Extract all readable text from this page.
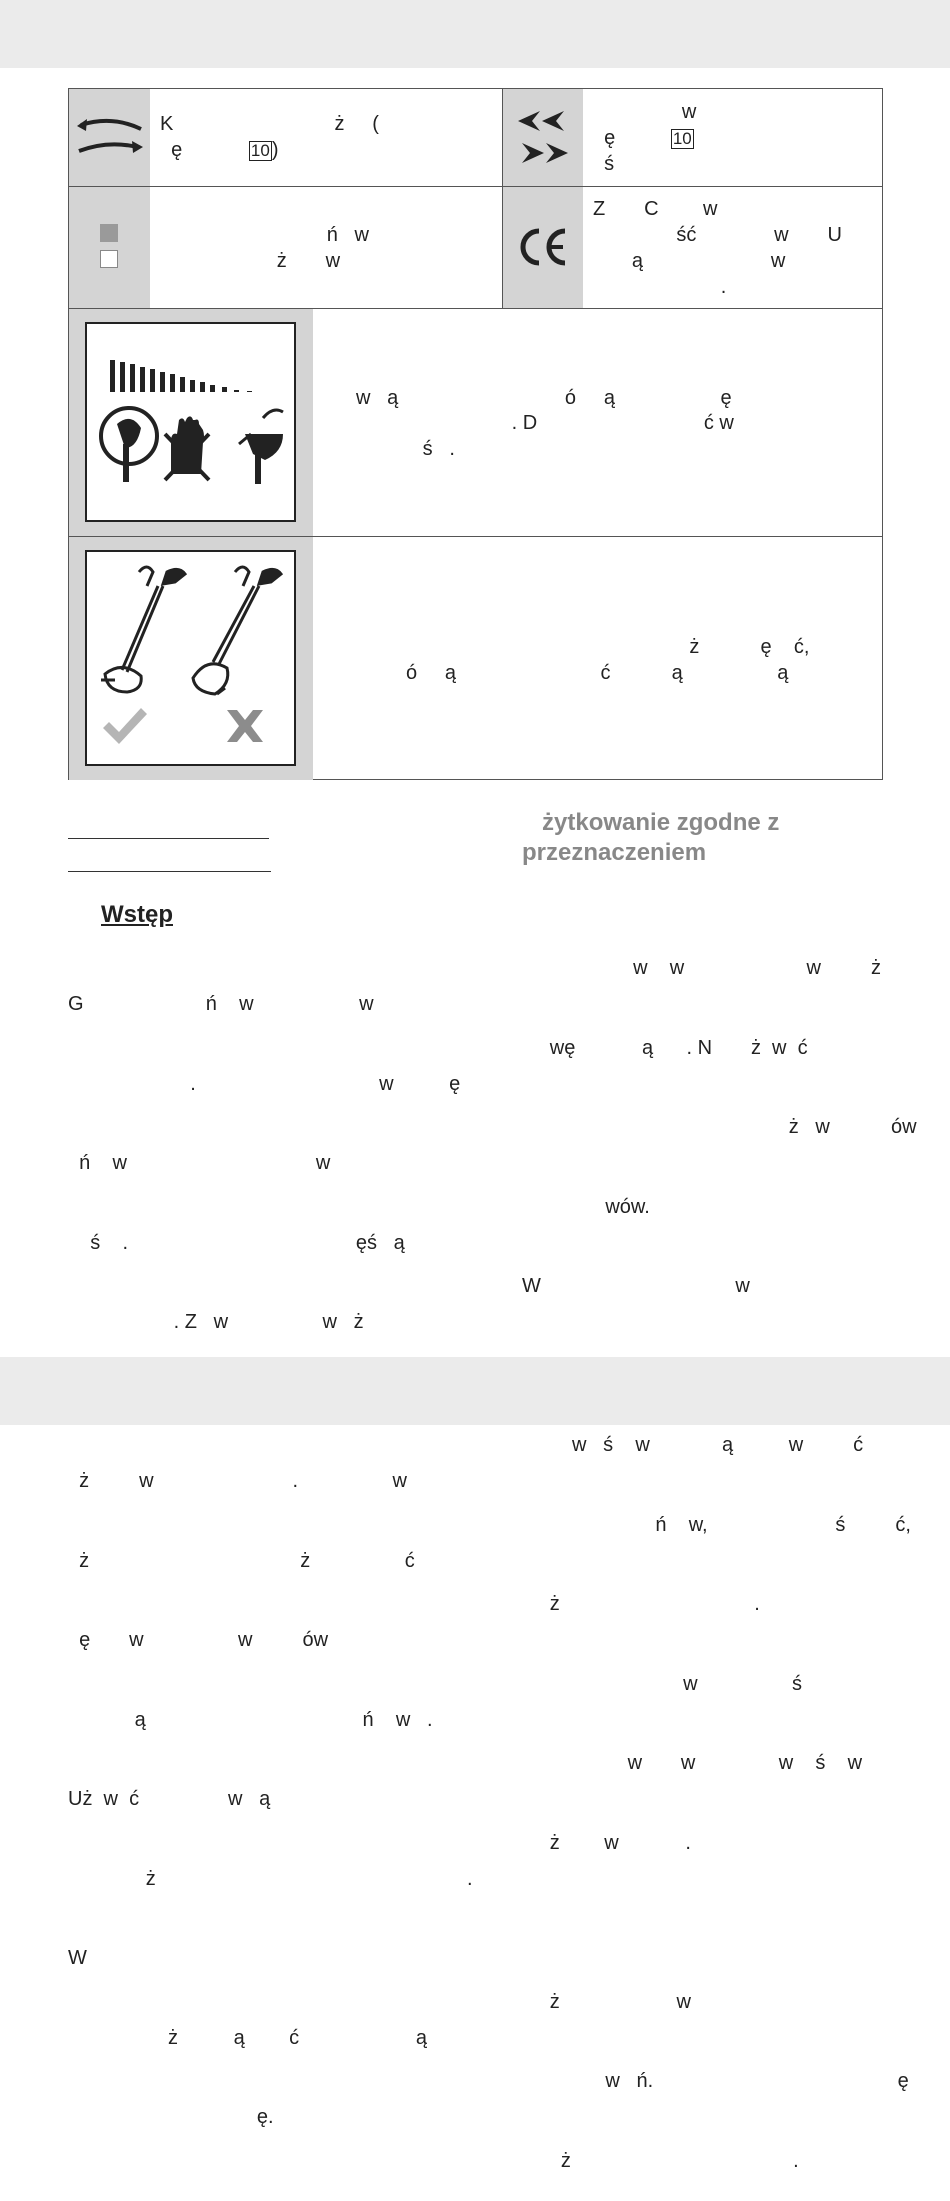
K                             ż     (
ę            10 )
w
ę          10
ś
ń   w
ż       w
Z       C        w
ść              w       U
ą                       w
.
w   ą                              ó     ą                   ę
. D                              ć w
ś   .
ż           ę    ć,
ó     ą                          ć           ą                 ą
Wstęp

G                      ń    w                   w

.                                 w          ę

ń    w                                  w

ś    .                                         ęś   ą

. Z   w                 w   ż

ż         w                         .                 w

ż                                      ż                 ć

ę       w                 w         ów

ą                                       ń    w   .

Uż  w  ć                w   ą

ż                                                        .

W

ż          ą        ć                     ą

ę.

żytkowanie zgodne z
przeznaczeniem

w    w                      w         ż

wę            ą      . N       ż  w  ć

ż   w           ów

wów.

W                                   w

w   ś    w             ą          w         ć

ń    w,                       ś         ć,

ż                                   .

w                 ś

w       w               w    ś    w

ż        w            .

ż                     w

w   ń.                                            ę

ż                                        .
